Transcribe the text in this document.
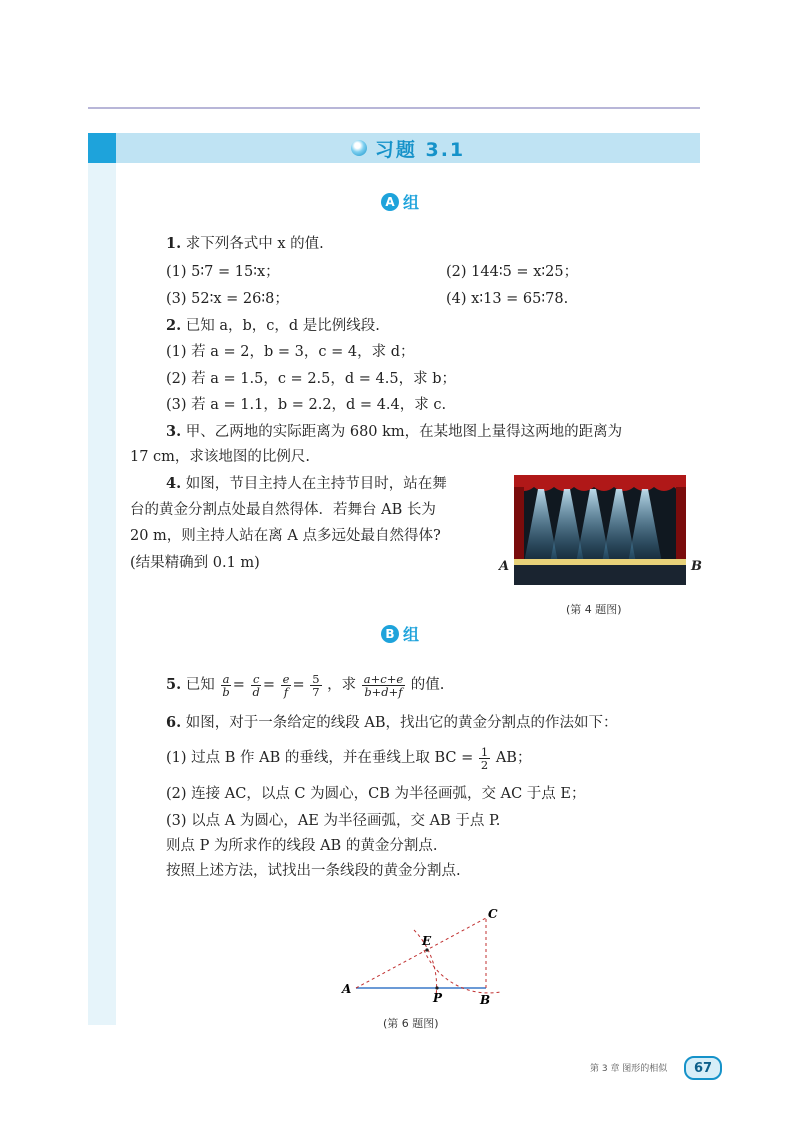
习题 3.1
A 组
1. 求下列各式中 x 的值.
(1) 5∶7 = 15∶x；	(2) 144∶5 = x∶25；
(3) 52∶x = 26∶8；	(4) x∶13 = 65∶78.
2. 已知 a，b，c，d 是比例线段.
(1) 若 a = 2，b = 3，c = 4，求 d；
(2) 若 a = 1.5，c = 2.5，d = 4.5，求 b；
(3) 若 a = 1.1，b = 2.2，d = 4.4，求 c.
3. 甲、乙两地的实际距离为 680 km，在某地图上量得这两地的距离为
17 cm，求该地图的比例尺.
4. 如图，节目主持人在主持节目时，站在舞
台的黄金分割点处最自然得体．若舞台 AB 长为
20 m，则主持人站在离 A 点多远处最自然得体?
(结果精确到 0.1 m)	A	B
(第 4 题图)
B 组
5. 已知 $\frac{a}{b} = \frac{c}{d} = \frac{e}{f} = \frac{5}{7}$ ，求 $\frac{a+c+e}{b+d+f}$ 的值.
6. 如图，对于一条给定的线段 AB，找出它的黄金分割点的作法如下：
(1) 过点 B 作 AB 的垂线，并在垂线上取 BC = $\frac{1}{2}$ AB；
(2) 连接 AC，以点 C 为圆心，CB 为半径画弧，交 AC 于点 E；
(3) 以点 A 为圆心，AE 为半径画弧，交 AB 于点 P.
则点 P 为所求作的线段 AB 的黄金分割点.
按照上述方法，试找出一条线段的黄金分割点.
A
B
C
E
P
(第 6 题图)
第 3 章 图形的相似	67
